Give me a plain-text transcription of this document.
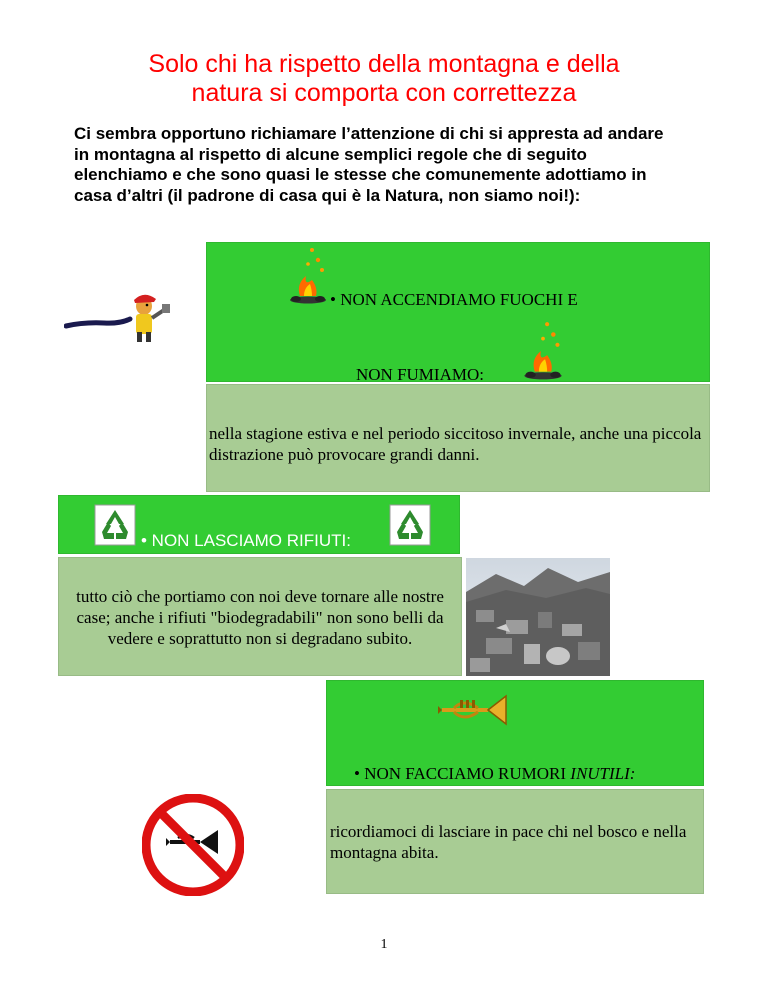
Solo chi ha rispetto della montagna e della
natura si comporta con correttezza
Ci sembra opportuno richiamare l’attenzione di chi si appresta ad andare in montagna al rispetto di alcune semplici regole che di seguito elenchiamo e che sono quasi le stesse che comunemente adottiamo in casa d’altri (il padrone di casa qui è la Natura, non siamo noi!):
• NON ACCENDIAMO FUOCHI E
NON FUMIAMO:
nella stagione estiva e nel periodo siccitoso invernale, anche una piccola distrazione può provocare grandi danni.
• NON LASCIAMO RIFIUTI:
tutto ciò che portiamo con noi deve tornare alle nostre case; anche i rifiuti "biodegradabili" non sono belli da vedere e soprattutto non si degradano subito.
• NON FACCIAMO RUMORI INUTILI:
ricordiamoci di lasciare in pace chi nel bosco e nella montagna abita.
1
